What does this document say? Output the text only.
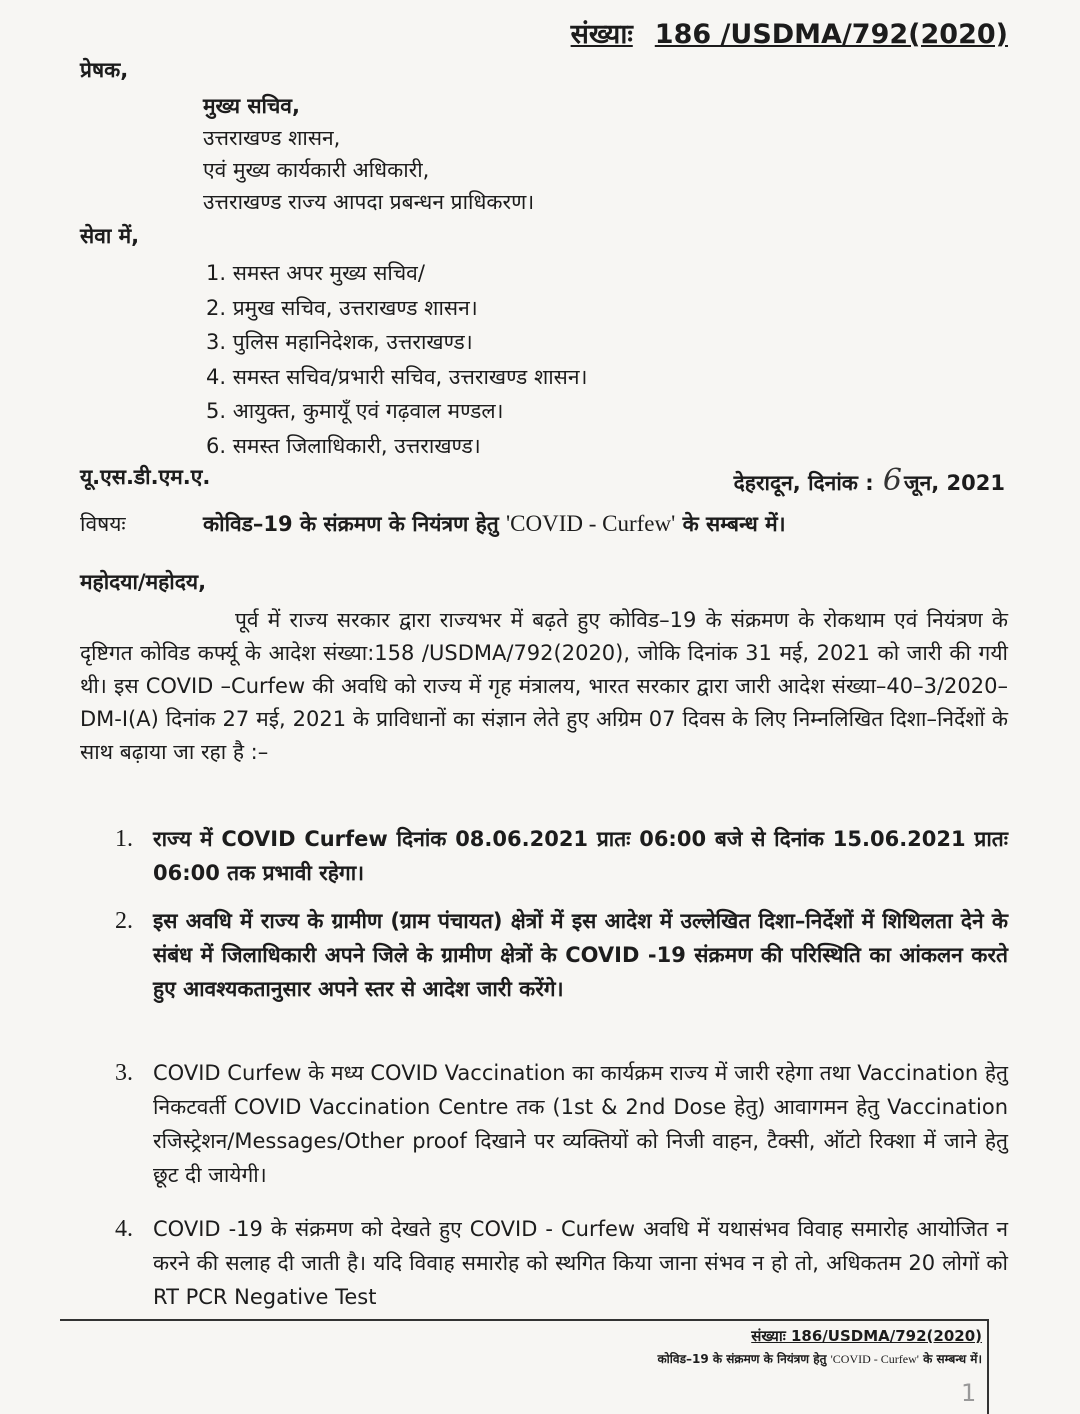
संख्याः 186 /USDMA/792(2020)
प्रेषक,
मुख्य सचिव,
उत्तराखण्ड शासन,
एवं मुख्य कार्यकारी अधिकारी,
उत्तराखण्ड राज्य आपदा प्रबन्धन प्राधिकरण।
सेवा में,
1. समस्त अपर मुख्य सचिव/
2. प्रमुख सचिव, उत्तराखण्ड शासन।
3. पुलिस महानिदेशक, उत्तराखण्ड।
4. समस्त सचिव/प्रभारी सचिव, उत्तराखण्ड शासन।
5. आयुक्त, कुमायूँ एवं गढ़वाल मण्डल।
6. समस्त जिलाधिकारी, उत्तराखण्ड।
यू.एस.डी.एम.ए.	देहरादून, दिनांक : 6जून, 2021
विषयः	कोविड–19 के संक्रमण के नियंत्रण हेतु 'COVID - Curfew' के सम्बन्ध में।
महोदया/महोदय,
पूर्व में राज्य सरकार द्वारा राज्यभर में बढ़ते हुए कोविड–19 के संक्रमण के रोकथाम एवं नियंत्रण के दृष्टिगत कोविड कर्फ्यू के आदेश संख्या:158 /USDMA/792(2020), जोकि दिनांक 31 मई, 2021 को जारी की गयी थी। इस COVID –Curfew की अवधि को राज्य में गृह मंत्रालय, भारत सरकार द्वारा जारी आदेश संख्या–40–3/2020– DM-I(A) दिनांक 27 मई, 2021 के प्राविधानों का संज्ञान लेते हुए अग्रिम 07 दिवस के लिए निम्नलिखित दिशा–निर्देशों के साथ बढ़ाया जा रहा है :–
1. राज्य में COVID Curfew दिनांक 08.06.2021 प्रातः 06:00 बजे से दिनांक 15.06.2021 प्रातः 06:00 तक प्रभावी रहेगा।
2. इस अवधि में राज्य के ग्रामीण (ग्राम पंचायत) क्षेत्रों में इस आदेश में उल्लेखित दिशा–निर्देशों में शिथिलता देने के संबंध में जिलाधिकारी अपने जिले के ग्रामीण क्षेत्रों के COVID -19 संक्रमण की परिस्थिति का आंकलन करते हुए आवश्यकतानुसार अपने स्तर से आदेश जारी करेंगे।
3. COVID Curfew के मध्य COVID Vaccination का कार्यक्रम राज्य में जारी रहेगा तथा Vaccination हेतु निकटवर्ती COVID Vaccination Centre तक (1st & 2nd Dose हेतु) आवागमन हेतु Vaccination रजिस्ट्रेशन/Messages/Other proof दिखाने पर व्यक्तियों को निजी वाहन, टैक्सी, ऑटो रिक्शा में जाने हेतु छूट दी जायेगी।
4. COVID -19 के संक्रमण को देखते हुए COVID - Curfew अवधि में यथासंभव विवाह समारोह आयोजित न करने की सलाह दी जाती है। यदि विवाह समारोह को स्थगित किया जाना संभव न हो तो, अधिकतम 20 लोगों को RT PCR Negative Test
संख्याः 186/USDMA/792(2020)
कोविड–19 के संक्रमण के नियंत्रण हेतु 'COVID - Curfew' के सम्बन्ध में।
1
